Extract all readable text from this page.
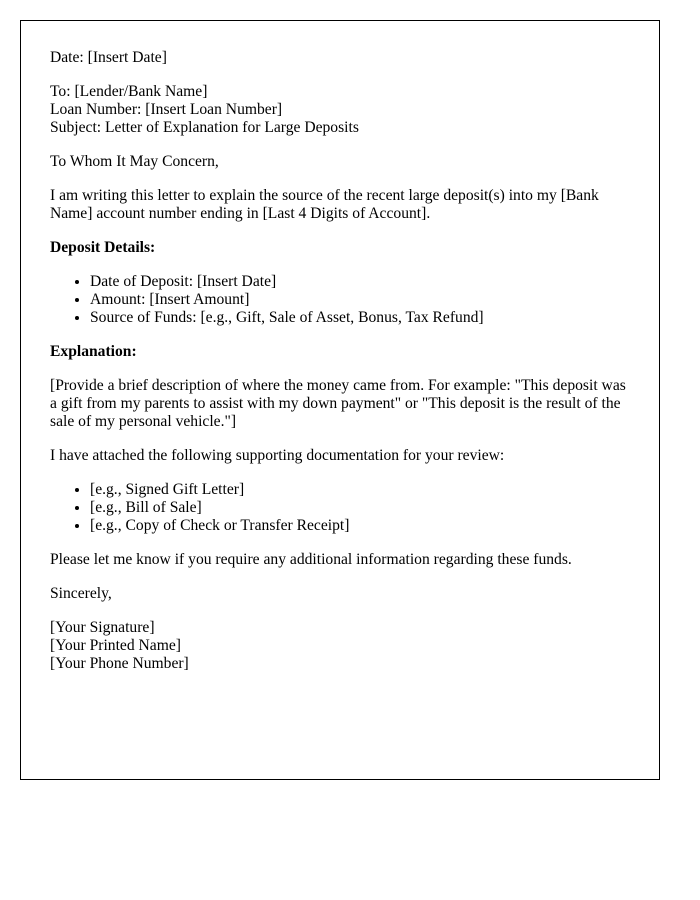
Date: [Insert Date]

To: [Lender/Bank Name]

Loan Number: [Insert Loan Number]

Subject: Letter of Explanation for Large Deposits

To Whom It May Concern,

I am writing this letter to explain the source of the recent large deposit(s) into my [Bank Name] account number ending in [Last 4 Digits of Account].

Deposit Details:

• Date of Deposit: [Insert Date]
• Amount: [Insert Amount]
• Source of Funds: [e.g., Gift, Sale of Asset, Bonus, Tax Refund]

Explanation:

[Provide a brief description of where the money came from. For example: "This deposit was a gift from my parents to assist with my down payment" or "This deposit is the result of the sale of my personal vehicle."]

I have attached the following supporting documentation for your review:

• [e.g., Signed Gift Letter]
• [e.g., Bill of Sale]
• [e.g., Copy of Check or Transfer Receipt]

Please let me know if you require any additional information regarding these funds.

Sincerely,

[Your Signature]

[Your Printed Name]

[Your Phone Number]
